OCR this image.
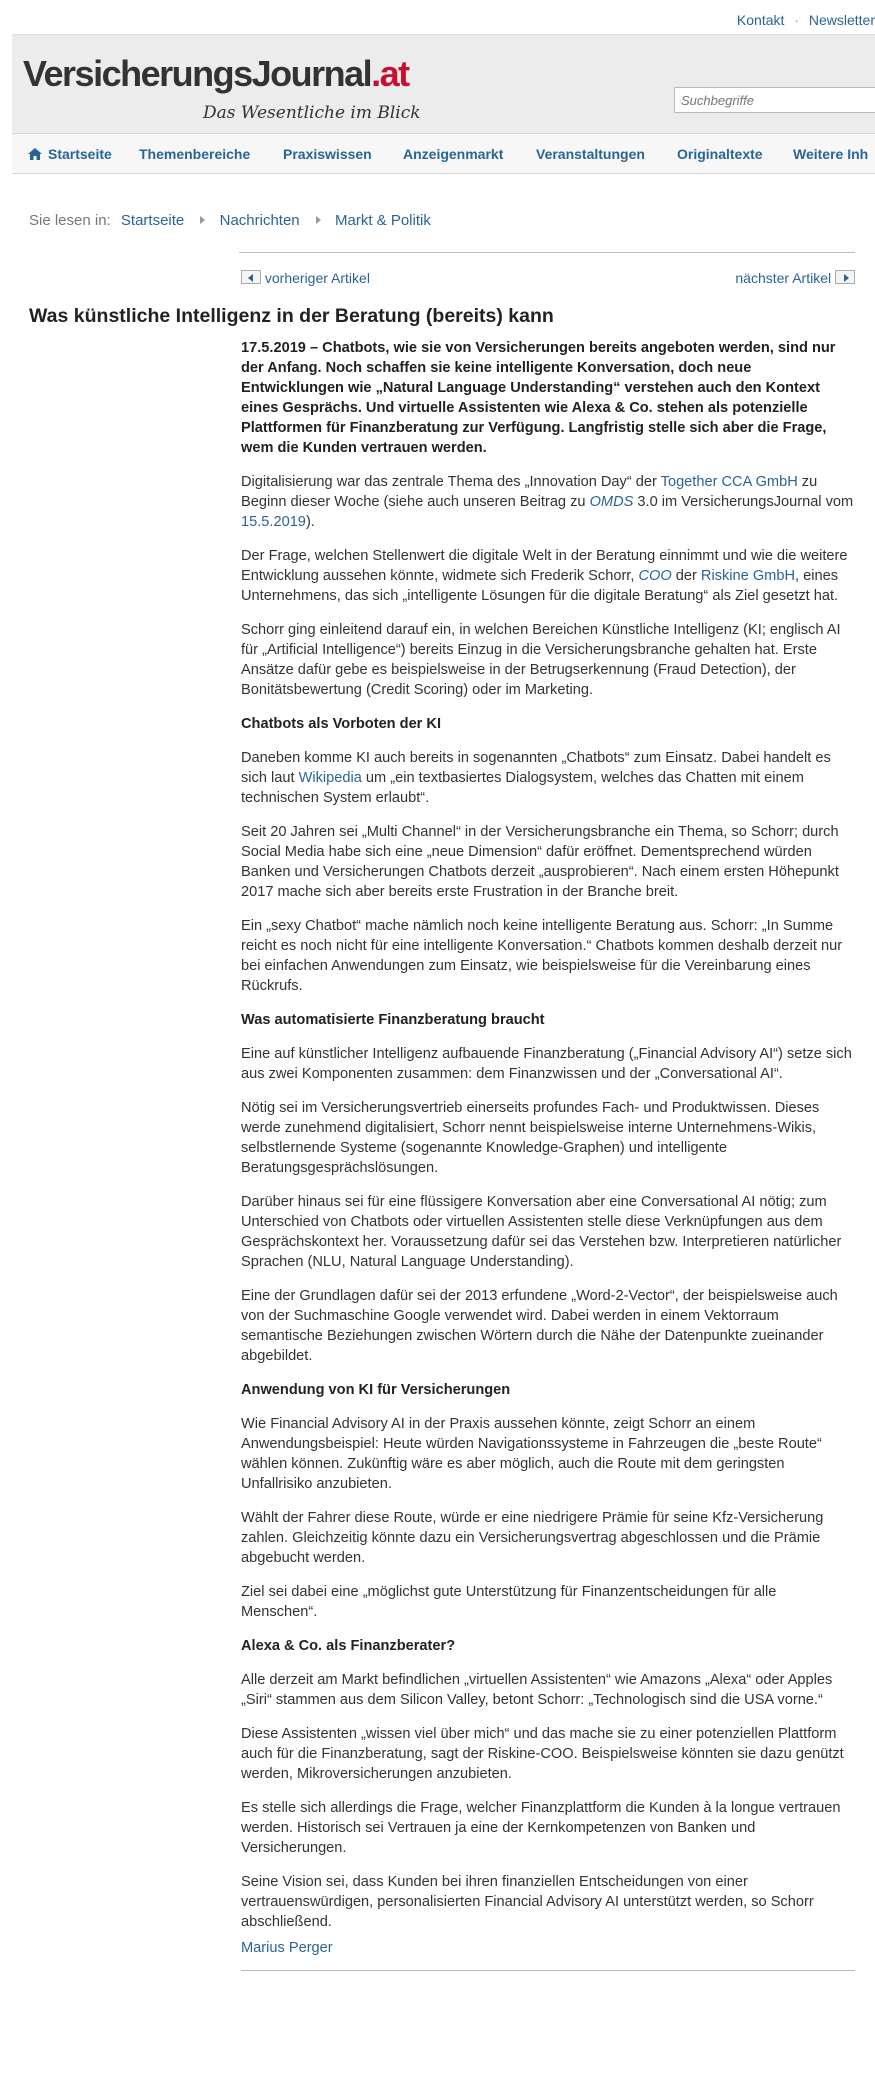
Kontakt · Newsletter
VersicherungsJournal.at
Das Wesentliche im Blick
Suchbegriffe
Startseite Themenbereiche Praxiswissen Anzeigenmarkt Veranstaltungen Originaltexte Weitere Inh
Sie lesen in: Startseite Nachrichten Markt & Politik
vorheriger Artikel	nächster Artikel
Was künstliche Intelligenz in der Beratung (bereits) kann

17.5.2019 – Chatbots, wie sie von Versicherungen bereits angeboten werden, sind nur der Anfang. Noch schaffen sie keine intelligente Konversation, doch neue Entwicklungen wie „Natural Language Understanding“ verstehen auch den Kontext eines Gesprächs. Und virtuelle Assistenten wie Alexa & Co. stehen als potenzielle Plattformen für Finanzberatung zur Verfügung. Langfristig stelle sich aber die Frage, wem die Kunden vertrauen werden.

Digitalisierung war das zentrale Thema des „Innovation Day“ der Together CCA GmbH zu Beginn dieser Woche (siehe auch unseren Beitrag zu OMDS 3.0 im VersicherungsJournal vom 15.5.2019).

Der Frage, welchen Stellenwert die digitale Welt in der Beratung einnimmt und wie die weitere Entwicklung aussehen könnte, widmete sich Frederik Schorr, COO der Riskine GmbH, eines Unternehmens, das sich „intelligente Lösungen für die digitale Beratung“ als Ziel gesetzt hat.

Schorr ging einleitend darauf ein, in welchen Bereichen Künstliche Intelligenz (KI; englisch AI für „Artificial Intelligence“) bereits Einzug in die Versicherungsbranche gehalten hat. Erste Ansätze dafür gebe es beispielsweise in der Betrugserkennung (Fraud Detection), der Bonitätsbewertung (Credit Scoring) oder im Marketing.

Chatbots als Vorboten der KI

Daneben komme KI auch bereits in sogenannten „Chatbots“ zum Einsatz. Dabei handelt es sich laut Wikipedia um „ein textbasiertes Dialogsystem, welches das Chatten mit einem technischen System erlaubt“.

Seit 20 Jahren sei „Multi Channel“ in der Versicherungsbranche ein Thema, so Schorr; durch Social Media habe sich eine „neue Dimension“ dafür eröffnet. Dementsprechend würden Banken und Versicherungen Chatbots derzeit „ausprobieren“. Nach einem ersten Höhepunkt 2017 mache sich aber bereits erste Frustration in der Branche breit.

Ein „sexy Chatbot“ mache nämlich noch keine intelligente Beratung aus. Schorr: „In Summe reicht es noch nicht für eine intelligente Konversation.“ Chatbots kommen deshalb derzeit nur bei einfachen Anwendungen zum Einsatz, wie beispielsweise für die Vereinbarung eines Rückrufs.

Was automatisierte Finanzberatung braucht

Eine auf künstlicher Intelligenz aufbauende Finanzberatung („Financial Advisory AI“) setze sich aus zwei Komponenten zusammen: dem Finanzwissen und der „Conversational AI“.

Nötig sei im Versicherungsvertrieb einerseits profundes Fach- und Produktwissen. Dieses werde zunehmend digitalisiert, Schorr nennt beispielsweise interne Unternehmens-Wikis, selbstlernende Systeme (sogenannte Knowledge-Graphen) und intelligente Beratungsgesprächslösungen.

Darüber hinaus sei für eine flüssigere Konversation aber eine Conversational AI nötig; zum Unterschied von Chatbots oder virtuellen Assistenten stelle diese Verknüpfungen aus dem Gesprächskontext her. Voraussetzung dafür sei das Verstehen bzw. Interpretieren natürlicher Sprachen (NLU, Natural Language Understanding).

Eine der Grundlagen dafür sei der 2013 erfundene „Word-2-Vector“, der beispielsweise auch von der Suchmaschine Google verwendet wird. Dabei werden in einem Vektorraum semantische Beziehungen zwischen Wörtern durch die Nähe der Datenpunkte zueinander abgebildet.

Anwendung von KI für Versicherungen

Wie Financial Advisory AI in der Praxis aussehen könnte, zeigt Schorr an einem Anwendungsbeispiel: Heute würden Navigationssysteme in Fahrzeugen die „beste Route“ wählen können. Zukünftig wäre es aber möglich, auch die Route mit dem geringsten Unfallrisiko anzubieten.

Wählt der Fahrer diese Route, würde er eine niedrigere Prämie für seine Kfz-Versicherung zahlen. Gleichzeitig könnte dazu ein Versicherungsvertrag abgeschlossen und die Prämie abgebucht werden.

Ziel sei dabei eine „möglichst gute Unterstützung für Finanzentscheidungen für alle Menschen“.

Alexa & Co. als Finanzberater?

Alle derzeit am Markt befindlichen „virtuellen Assistenten“ wie Amazons „Alexa“ oder Apples „Siri“ stammen aus dem Silicon Valley, betont Schorr: „Technologisch sind die USA vorne.“

Diese Assistenten „wissen viel über mich“ und das mache sie zu einer potenziellen Plattform auch für die Finanzberatung, sagt der Riskine-COO. Beispielsweise könnten sie dazu genützt werden, Mikroversicherungen anzubieten.

Es stelle sich allerdings die Frage, welcher Finanzplattform die Kunden à la longue vertrauen werden. Historisch sei Vertrauen ja eine der Kernkompetenzen von Banken und Versicherungen.

Seine Vision sei, dass Kunden bei ihren finanziellen Entscheidungen von einer vertrauenswürdigen, personalisierten Financial Advisory AI unterstützt werden, so Schorr abschließend.

Marius Perger
